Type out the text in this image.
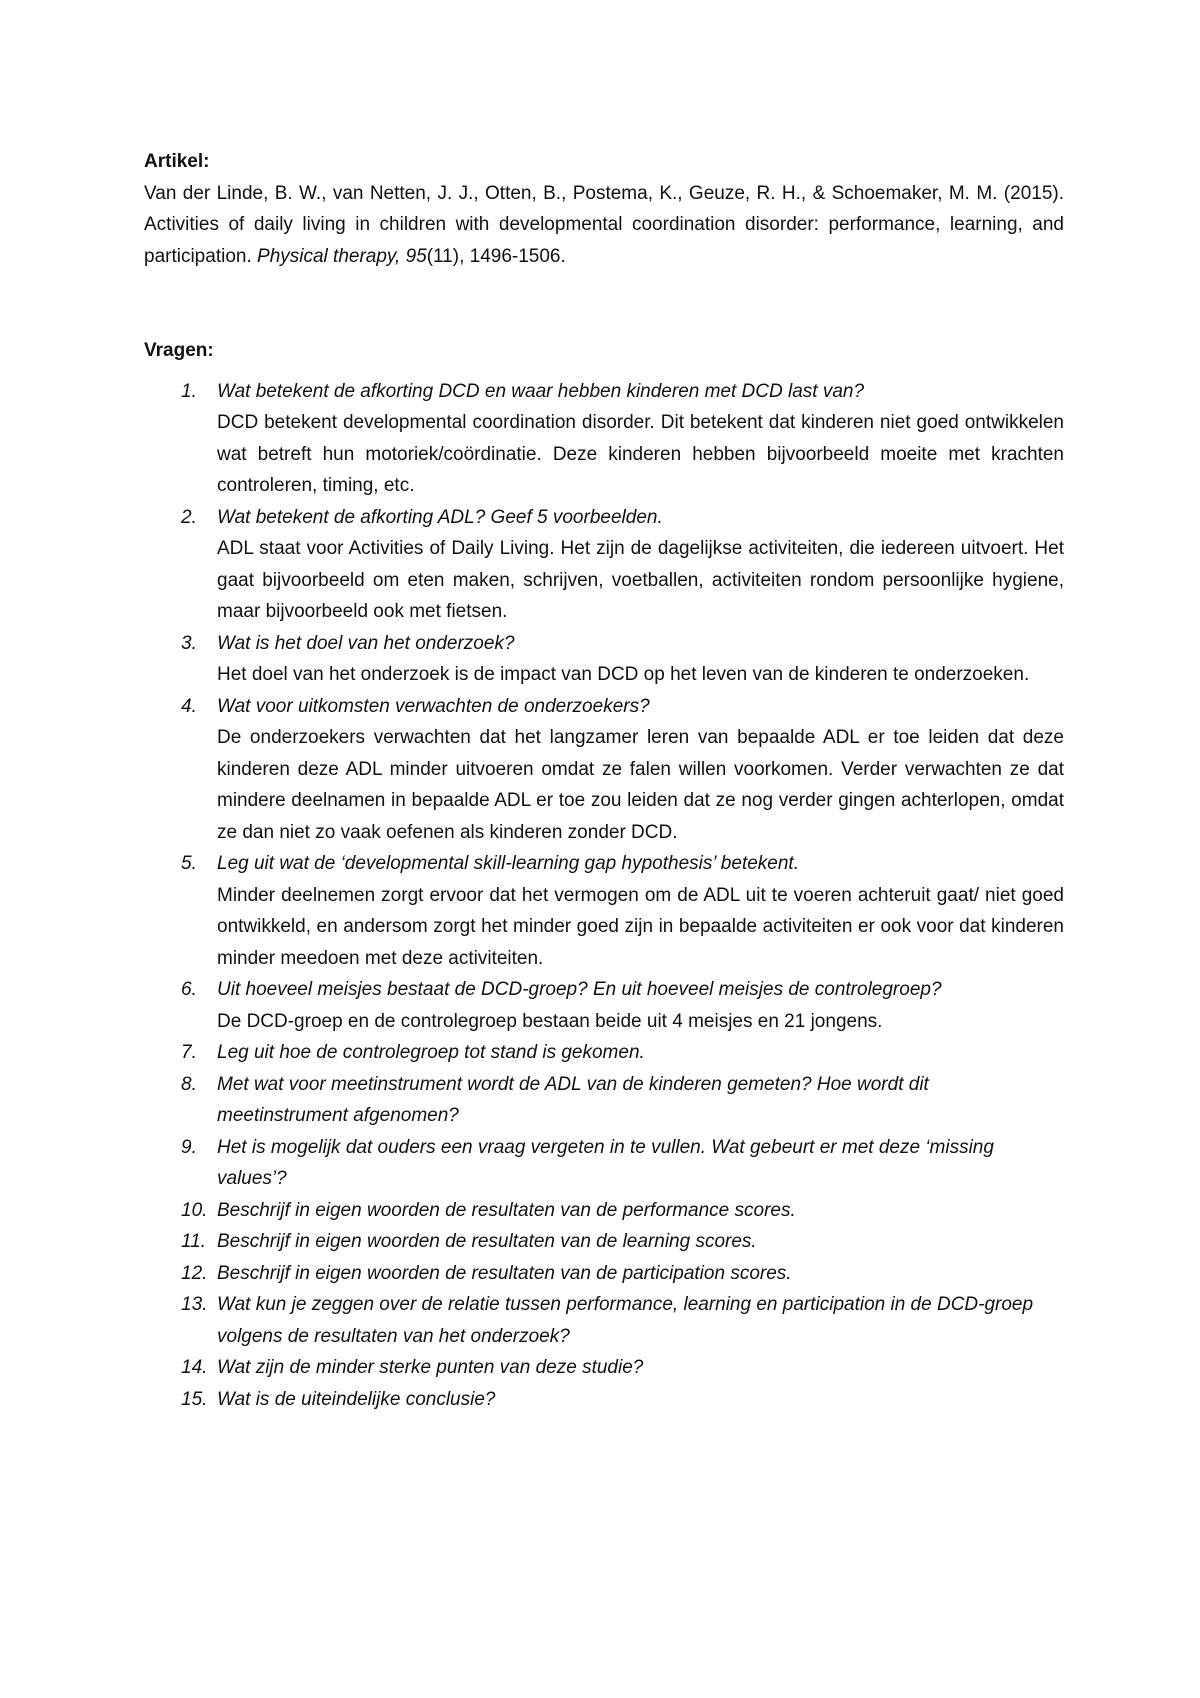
Artikel:

Van der Linde, B. W., van Netten, J. J., Otten, B., Postema, K., Geuze, R. H., & Schoemaker, M. M. (2015). Activities of daily living in children with developmental coordination disorder: performance, learning, and participation. Physical therapy, 95(11), 1496-1506.

Vragen:

1. Wat betekent de afkorting DCD en waar hebben kinderen met DCD last van?
DCD betekent developmental coordination disorder. Dit betekent dat kinderen niet goed ontwikkelen wat betreft hun motoriek/coördinatie. Deze kinderen hebben bijvoorbeeld moeite met krachten controleren, timing, etc.
2. Wat betekent de afkorting ADL? Geef 5 voorbeelden.
ADL staat voor Activities of Daily Living. Het zijn de dagelijkse activiteiten, die iedereen uitvoert. Het gaat bijvoorbeeld om eten maken, schrijven, voetballen, activiteiten rondom persoonlijke hygiene, maar bijvoorbeeld ook met fietsen.
3. Wat is het doel van het onderzoek?
Het doel van het onderzoek is de impact van DCD op het leven van de kinderen te onderzoeken.
4. Wat voor uitkomsten verwachten de onderzoekers?
De onderzoekers verwachten dat het langzamer leren van bepaalde ADL er toe leiden dat deze kinderen deze ADL minder uitvoeren omdat ze falen willen voorkomen. Verder verwachten ze dat mindere deelnamen in bepaalde ADL er toe zou leiden dat ze nog verder gingen achterlopen, omdat ze dan niet zo vaak oefenen als kinderen zonder DCD.
5. Leg uit wat de ‘developmental skill-learning gap hypothesis’ betekent.
Minder deelnemen zorgt ervoor dat het vermogen om de ADL uit te voeren achteruit gaat/ niet goed ontwikkeld, en andersom zorgt het minder goed zijn in bepaalde activiteiten er ook voor dat kinderen minder meedoen met deze activiteiten.
6. Uit hoeveel meisjes bestaat de DCD-groep? En uit hoeveel meisjes de controlegroep?
De DCD-groep en de controlegroep bestaan beide uit 4 meisjes en 21 jongens.
7. Leg uit hoe de controlegroep tot stand is gekomen.
8. Met wat voor meetinstrument wordt de ADL van de kinderen gemeten? Hoe wordt dit meetinstrument afgenomen?
9. Het is mogelijk dat ouders een vraag vergeten in te vullen. Wat gebeurt er met deze ‘missing values’?
10. Beschrijf in eigen woorden de resultaten van de performance scores.
11. Beschrijf in eigen woorden de resultaten van de learning scores.
12. Beschrijf in eigen woorden de resultaten van de participation scores.
13. Wat kun je zeggen over de relatie tussen performance, learning en participation in de DCD-groep volgens de resultaten van het onderzoek?
14. Wat zijn de minder sterke punten van deze studie?
15. Wat is de uiteindelijke conclusie?
